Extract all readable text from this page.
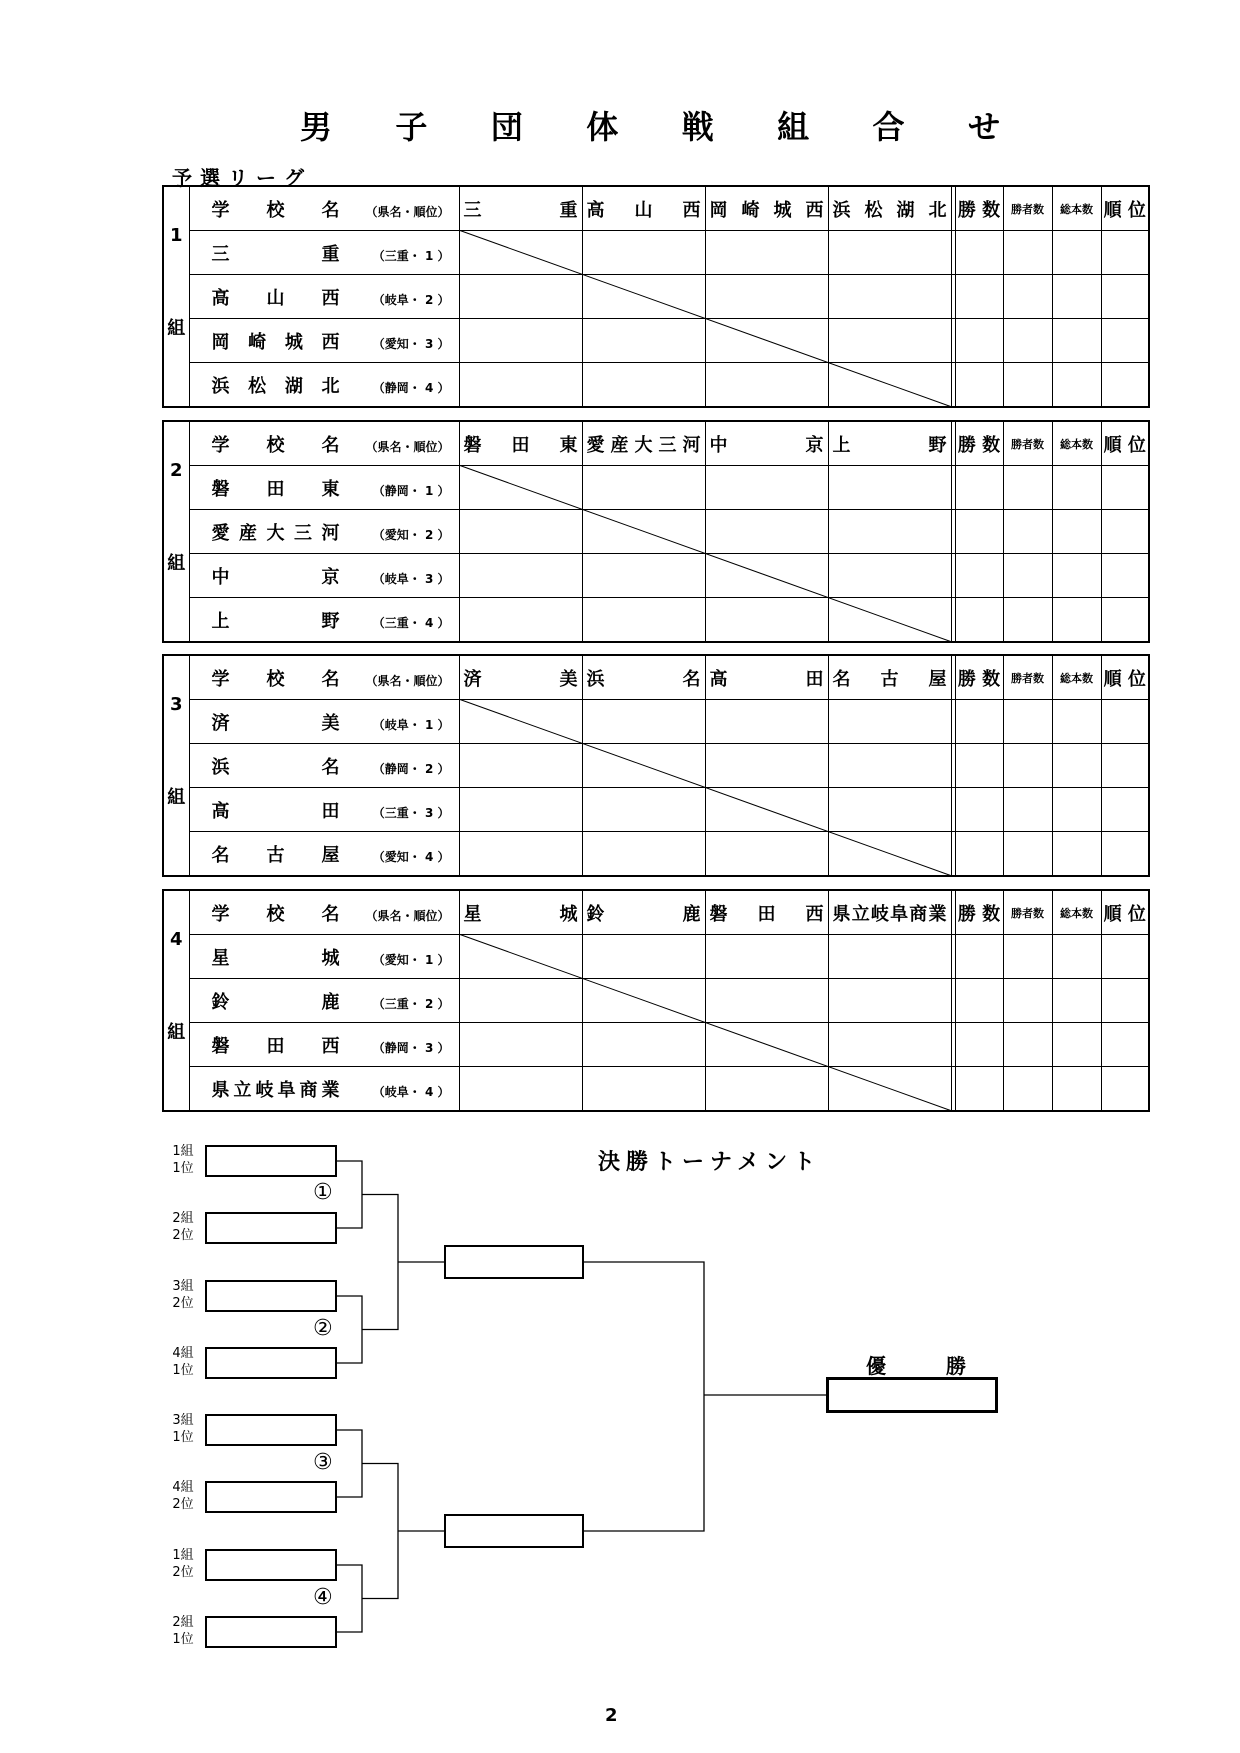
男 子 団 体 戦 組 合 せ
予選リーグ
1
組	学 校 名 （県名・順位）	三重	高山西	岡崎城西	浜松湖北		勝 数	勝者数	総本数	順 位
	三重 （三重・ 1 ）									
	高山西 （岐阜・ 2 ）									
	岡崎城西 （愛知・ 3 ）									
	浜松湖北 （静岡・ 4 ）									
2
組	学 校 名 （県名・順位）	磐田東	愛産大三河	中京	上野		勝 数	勝者数	総本数	順 位
	磐田東 （静岡・ 1 ）									
	愛産大三河 （愛知・ 2 ）									
	中京 （岐阜・ 3 ）									
	上野 （三重・ 4 ）									
3
組	学 校 名 （県名・順位）	済美	浜名	高田	名古屋		勝 数	勝者数	総本数	順 位
	済美 （岐阜・ 1 ）									
	浜名 （静岡・ 2 ）									
	高田 （三重・ 3 ）									
	名古屋 （愛知・ 4 ）									
4
組	学 校 名 （県名・順位）	星城	鈴鹿	磐田西	県立岐阜商業		勝 数	勝者数	総本数	順 位
	星城 （愛知・ 1 ）									
	鈴鹿 （三重・ 2 ）									
	磐田西 （静岡・ 3 ）									
	県立岐阜商業 （岐阜・ 4 ）									
決勝トーナメント
1組
1位
2組
2位
3組
2位
4組
1位
3組
1位
4組
2位
1組
2位
2組
1位
①
②
③
④
優 勝
2
